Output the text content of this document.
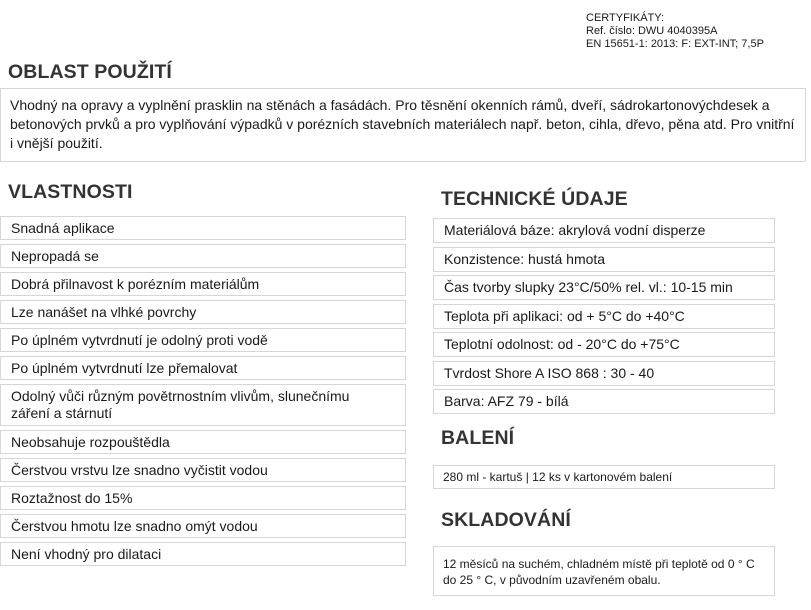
CERTYFIKÁTY:
Ref. číslo: DWU 4040395A
EN 15651-1: 2013: F: EXT-INT; 7,5P
OBLAST POUŽITÍ
Vhodný na opravy a vyplnění prasklin na stěnách a fasádách. Pro těsnění okenních rámů, dveří, sádrokartonovýchdesek a betonových prvků a pro vyplňování výpadků v porézních stavebních materiálech např. beton, cihla, dřevo, pěna atd. Pro vnitřní i vnější použití.
VLASTNOSTI
Snadná aplikace
Nepropadá se
Dobrá přilnavost k porézním materiálům
Lze nanášet na vlhké povrchy
Po úplném vytvrdnutí je odolný proti vodě
Po úplném vytvrdnutí lze přemalovat
Odolný vůči různým povětrnostním vlivům, slunečnímu záření a stárnutí
Neobsahuje rozpouštědla
Čerstvou vrstvu lze snadno vyčistit vodou
Roztažnost do 15%
Čerstvou hmotu lze snadno omýt vodou
Není vhodný pro dilataci
TECHNICKÉ ÚDAJE
Materiálová báze: akrylová vodní disperze
Konzistence: hustá hmota
Čas tvorby slupky 23°C/50% rel. vl.: 10-15 min
Teplota při aplikaci: od + 5°C do +40°C
Teplotní odolnost: od - 20°C do +75°C
Tvrdost Shore A ISO 868 : 30 - 40
Barva: AFZ 79 - bílá
BALENÍ
280 ml - kartuš | 12 ks v kartonovém balení
SKLADOVÁNÍ
12 měsíců na suchém, chladném místě při teplotě od 0 ° C do 25 ° C, v původním uzavřeném obalu.
